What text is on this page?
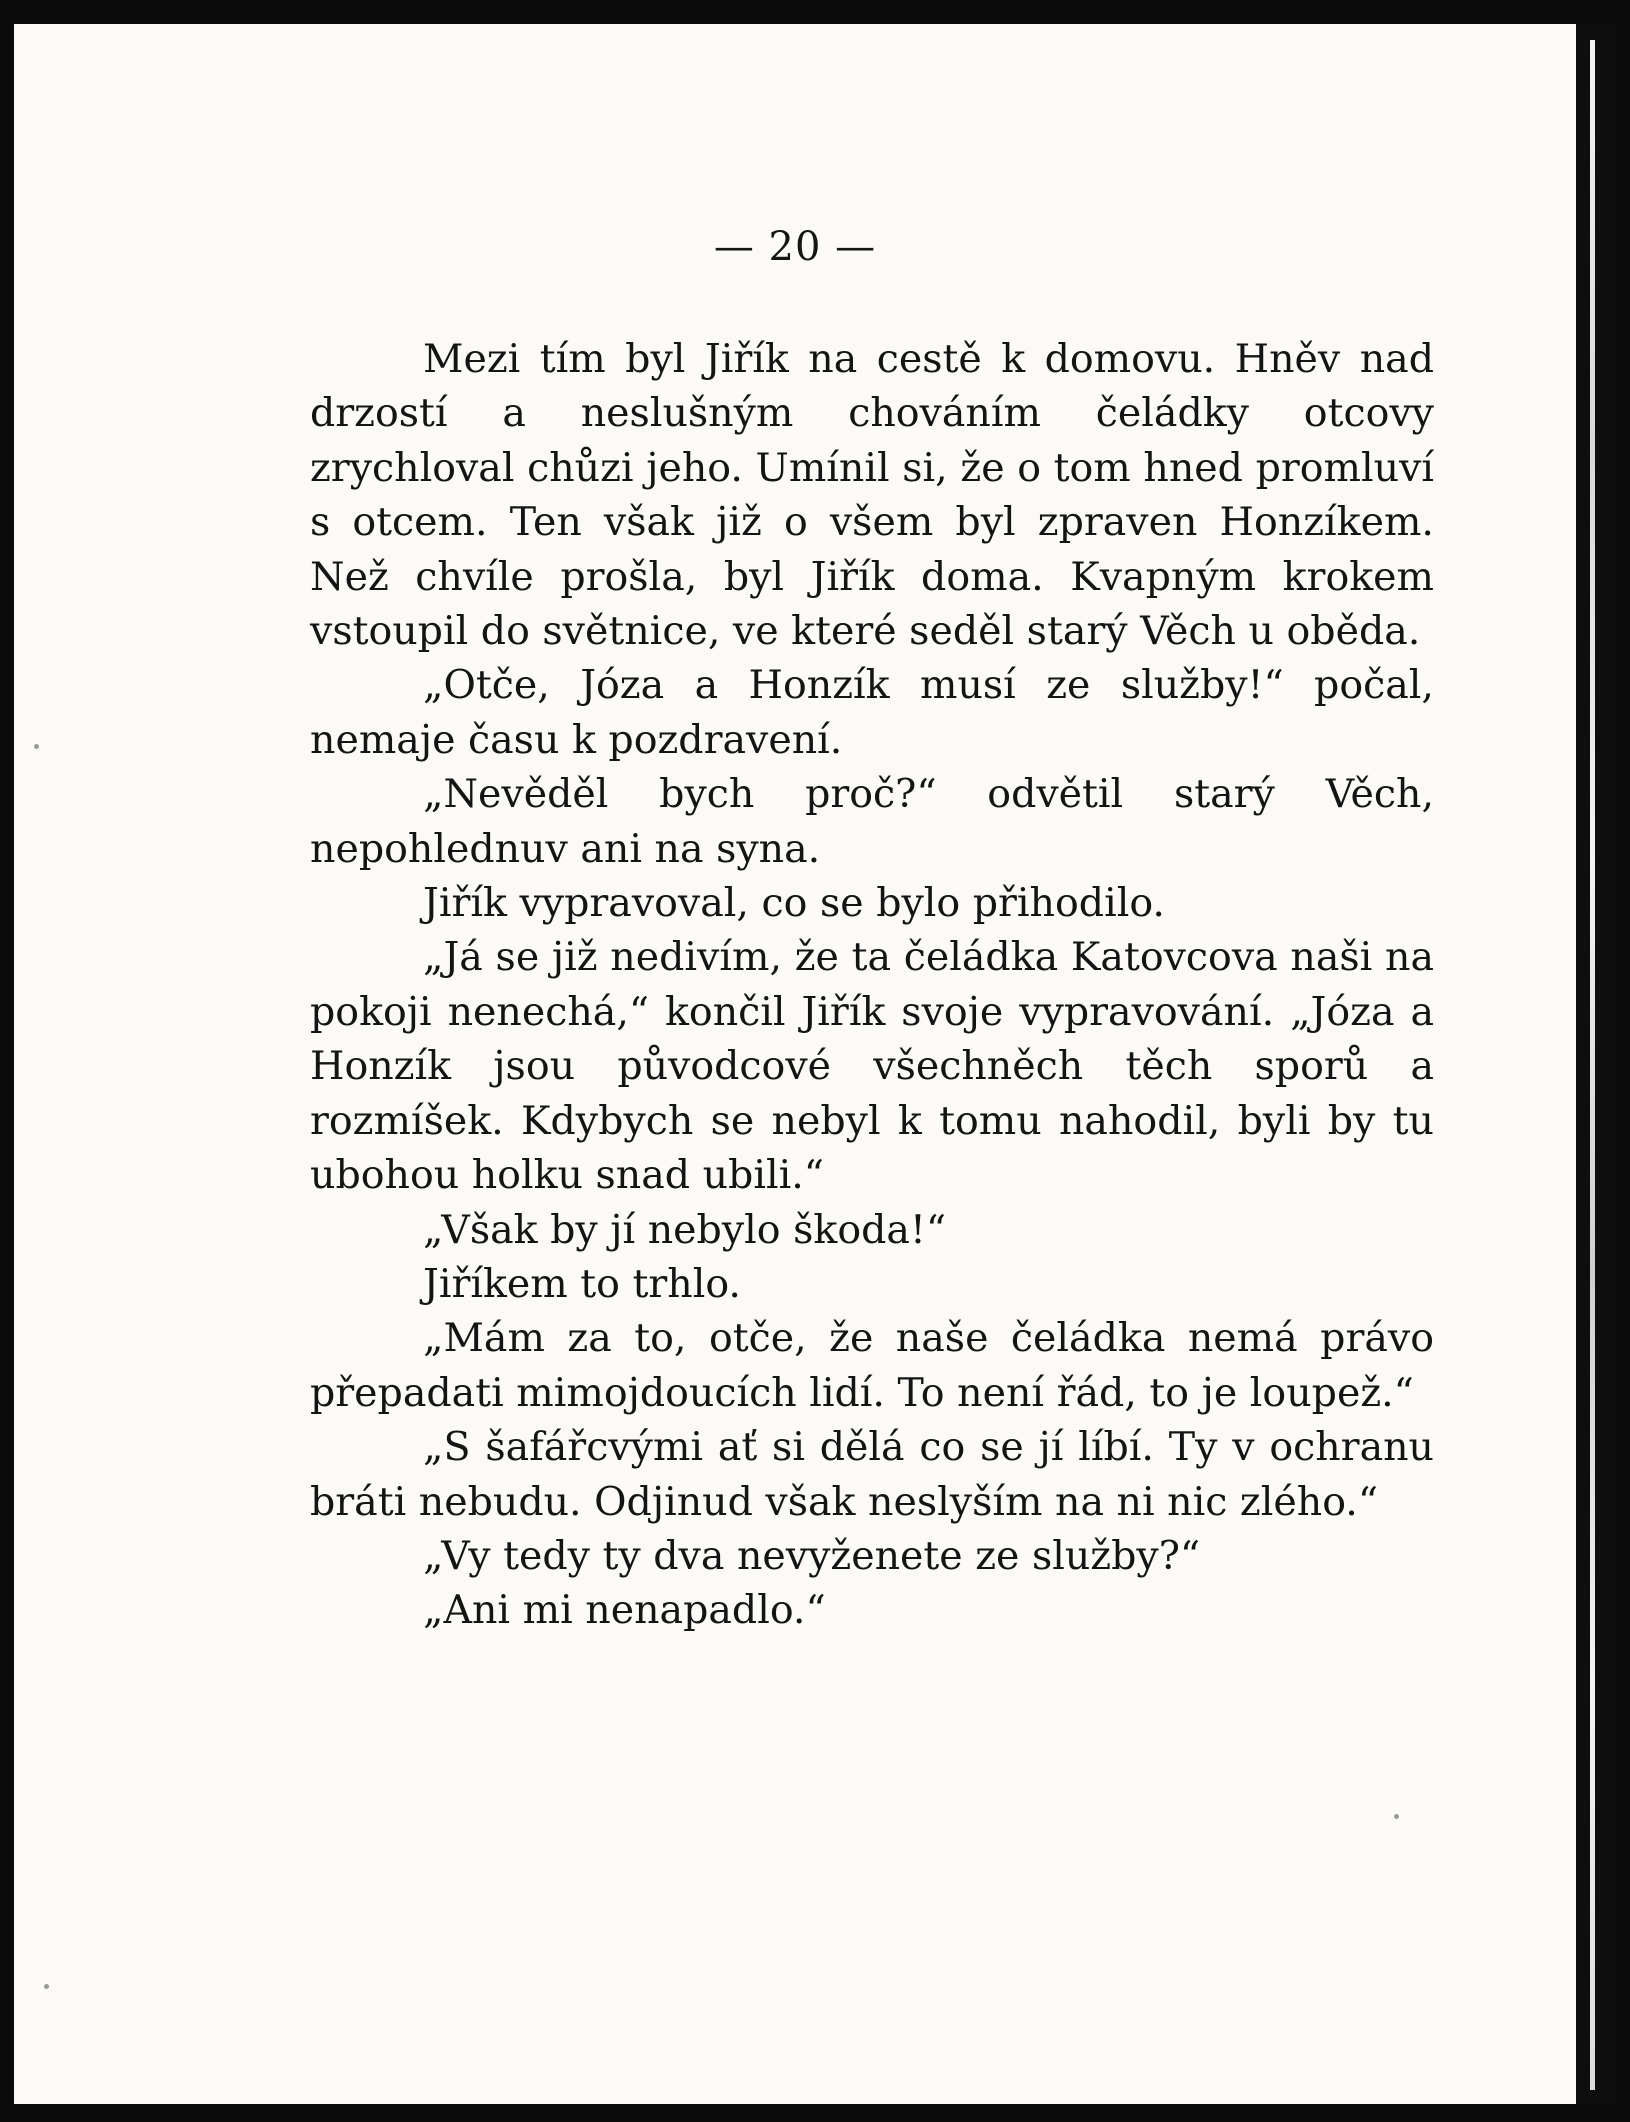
— 20 —

Mezi tím byl Jiřík na cestě k domovu. Hněv nad drzostí a neslušným chováním čeládky otcovy zrychloval chůzi jeho. Umínil si, že o tom hned promluví s otcem. Ten však již o všem byl zpraven Honzíkem. Než chvíle prošla, byl Jiřík doma. Kvapným krokem vstoupil do světnice, ve které seděl starý Věch u oběda.

„Otče, Józa a Honzík musí ze služby!“ počal, nemaje času k pozdravení.

„Nevěděl bych proč?“ odvětil starý Věch, nepohlednuv ani na syna.

Jiřík vypravoval, co se bylo přihodilo.

„Já se již nedivím, že ta čeládka Katovcova naši na pokoji nenechá,“ končil Jiřík svoje vypravování. „Józa a Honzík jsou původcové všechněch těch sporů a rozmíšek. Kdybych se nebyl k tomu nahodil, byli by tu ubohou holku snad ubili.“

„Však by jí nebylo škoda!“

Jiříkem to trhlo.

„Mám za to, otče, že naše čeládka nemá právo přepadati mimojdoucích lidí. To není řád, to je loupež.“

„S šafářcvými ať si dělá co se jí líbí. Ty v ochranu bráti nebudu. Odjinud však neslyším na ni nic zlého.“

„Vy tedy ty dva nevyženete ze služby?“

„Ani mi nenapadlo.“
